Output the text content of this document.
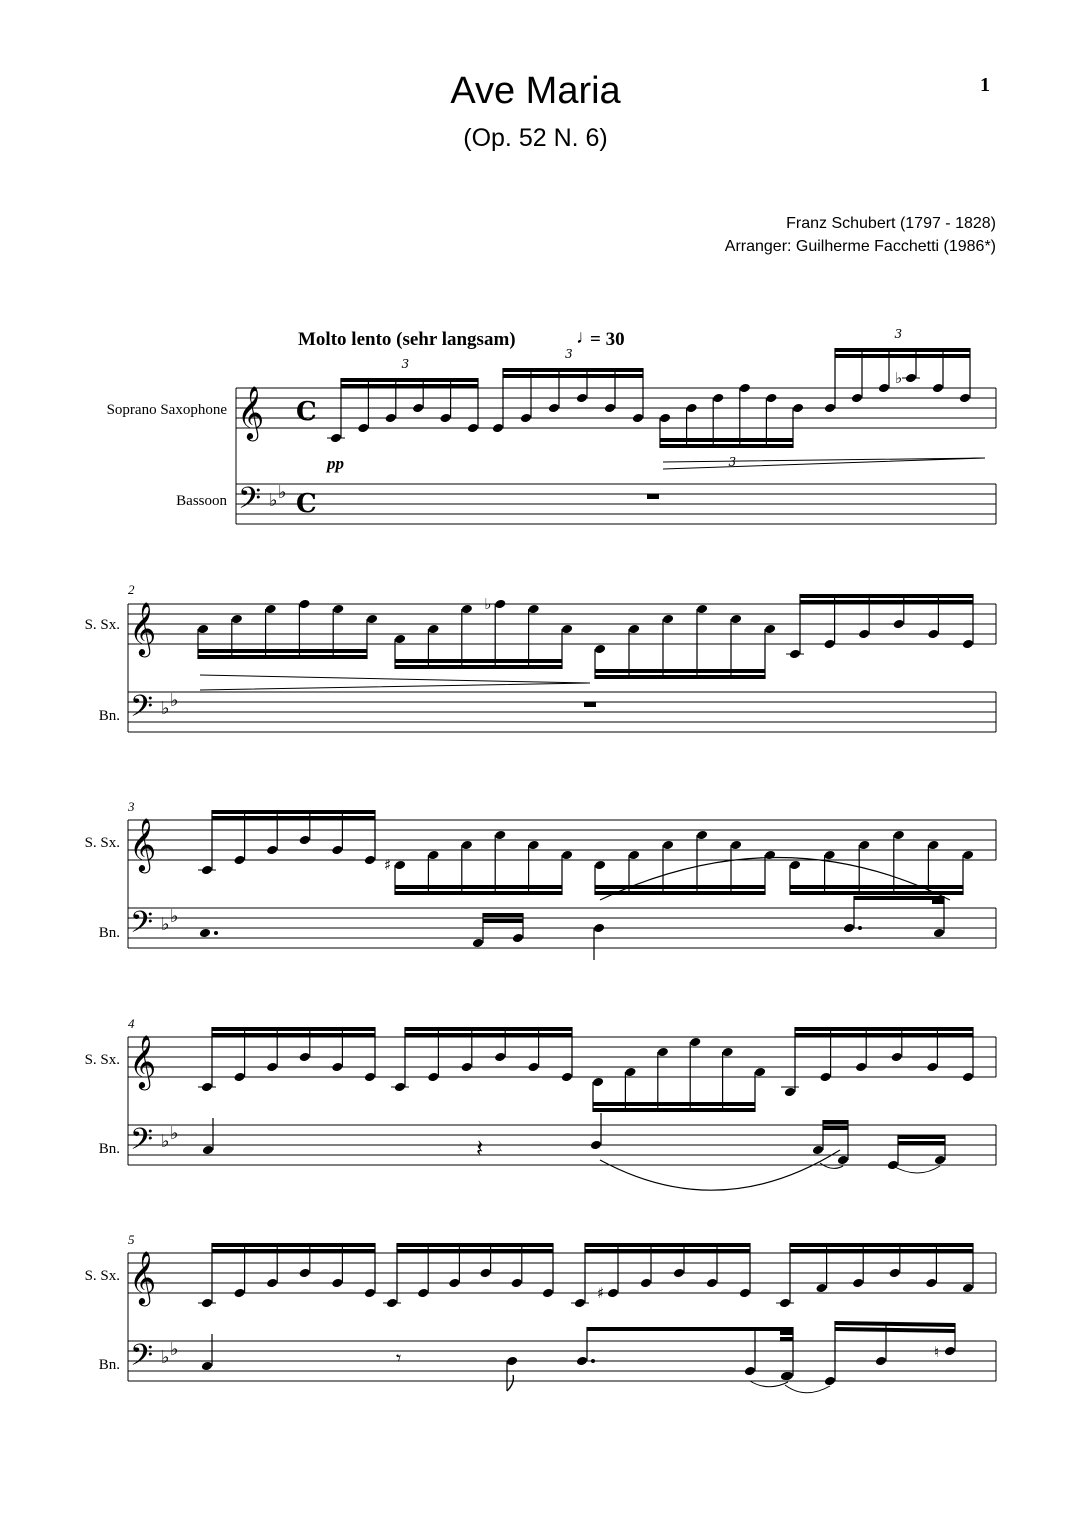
Ave Maria
(Op. 52 N. 6)
1
Franz Schubert (1797 - 1828)
Arranger: Guilherme Facchetti (1986*)
Molto lento (sehr langsam)	♩
= 30
Soprano Saxophone
Bassoon
S. Sx.
Bn.
S. Sx.
Bn.
S. Sx.
Bn.
S. Sx.
Bn.
2
3
4
5
pp
𝄞
𝄢
C
C
♭ ♭
3
3
3
♭
3
𝄞
𝄢 ♭ ♭
♭
𝄞
𝄢 ♭ ♭
♯
𝄞
𝄢 ♭ ♭
𝄽
𝄞
𝄢 ♭ ♭
♯
𝄾	♮
